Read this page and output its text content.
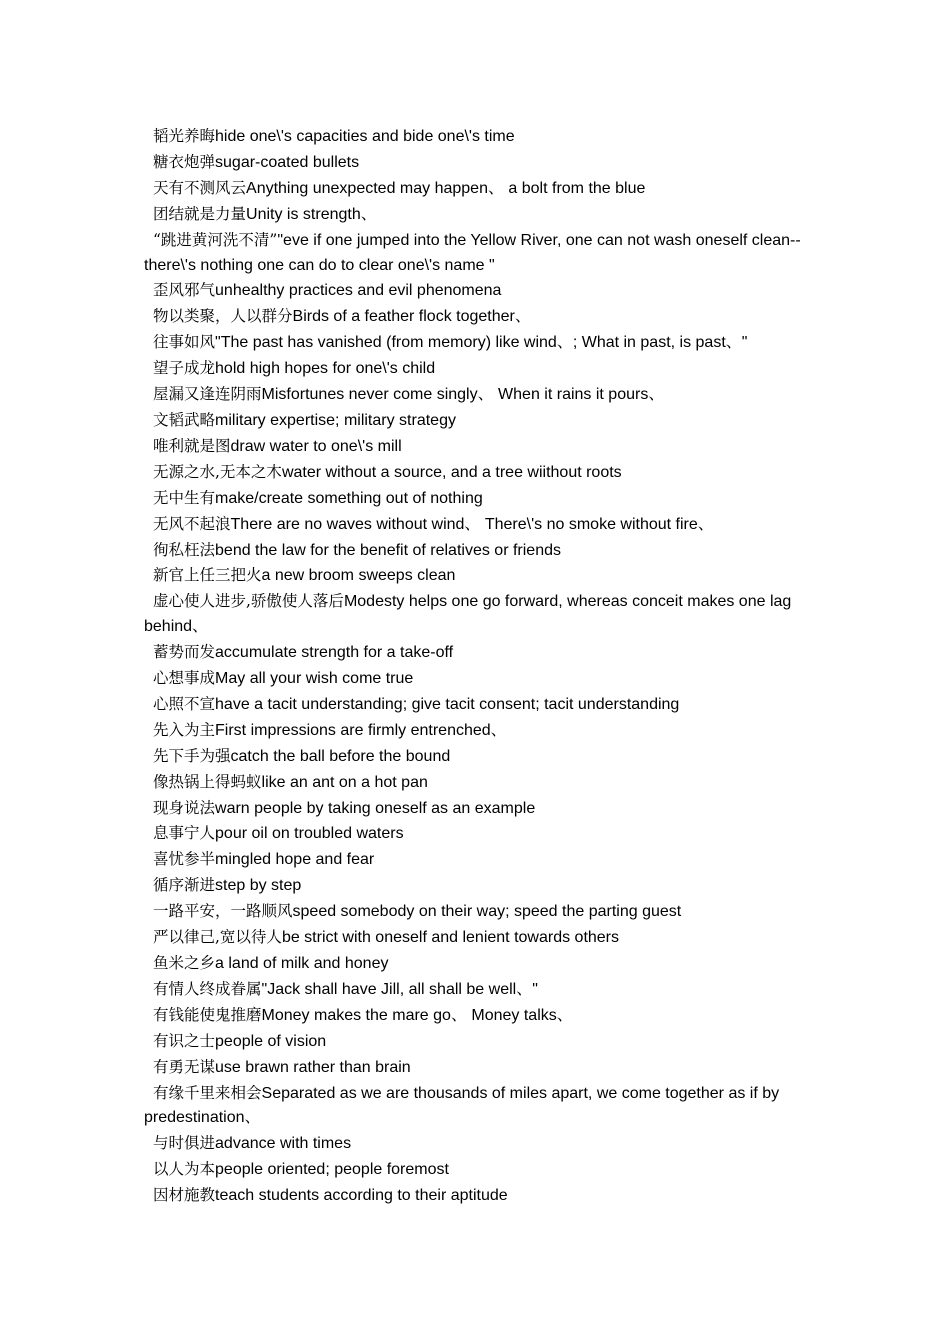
韬光养晦hide one\'s capacities and bide one\'s time

糖衣炮弹sugar-coated bullets

天有不测风云Anything unexpected may happen、 a bolt from the blue

团结就是力量Unity is strength、

“跳进黄河洗不清”"eve if one jumped into the Yellow River, one can not wash oneself clean--there\'s nothing one can do to clear one\'s name "

歪风邪气unhealthy practices and evil phenomena

物以类聚，人以群分Birds of a feather flock together、

往事如风"The past has vanished (from memory) like wind、; What in past, is past、"

望子成龙hold high hopes for one\'s child

屋漏又逢连阴雨Misfortunes never come singly、 When it rains it pours、

文韬武略military expertise; military strategy

唯利就是图draw water to one\'s mill

无源之水,无本之木water without a source, and a tree wiithout roots

无中生有make/create something out of nothing

无风不起浪There are no waves without wind、 There\'s no smoke without fire、

徇私枉法bend the law for the benefit of relatives or friends

新官上任三把火a new broom sweeps clean

虚心使人进步,骄傲使人落后Modesty helps one go forward, whereas conceit makes one lag behind、

蓄势而发accumulate strength for a take-off

心想事成May all your wish come true

心照不宣have a tacit understanding; give tacit consent; tacit understanding

先入为主First impressions are firmly entrenched、

先下手为强catch the ball before the bound

像热锅上得蚂蚁like an ant on a hot pan

现身说法warn people by taking oneself as an example

息事宁人pour oil on troubled waters

喜忧参半mingled hope and fear

循序渐进step by step

一路平安，一路顺风speed somebody on their way; speed the parting guest

严以律己,宽以待人be strict with oneself and lenient towards others

鱼米之乡a land of milk and honey

有情人终成眷属"Jack shall have Jill, all shall be well、"

有钱能使鬼推磨Money makes the mare go、 Money talks、

有识之士people of vision

有勇无谋use brawn rather than brain

有缘千里来相会Separated as we are thousands of miles apart, we come together as if by predestination、

与时俱进advance with times

以人为本people oriented; people foremost

因材施教teach students according to their aptitude
